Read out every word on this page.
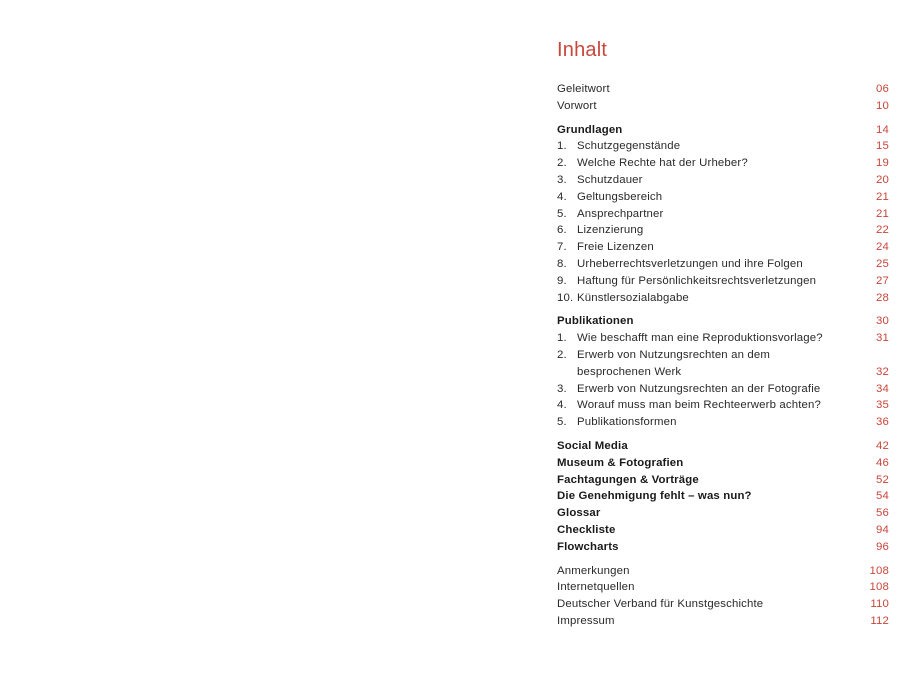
Inhalt
Geleitwort	06
Vorwort	10
Grundlagen	14
1. Schutzgegenstände	15
2. Welche Rechte hat der Urheber?	19
3. Schutzdauer	20
4. Geltungsbereich	21
5. Ansprechpartner	21
6. Lizenzierung	22
7. Freie Lizenzen	24
8. Urheberrechtsverletzungen und ihre Folgen	25
9. Haftung für Persönlichkeitsrechtsverletzungen	27
10. Künstlersozialabgabe	28
Publikationen	30
1. Wie beschafft man eine Reproduktionsvorlage?	31
2. Erwerb von Nutzungsrechten an dem
besprochenen Werk	32
3. Erwerb von Nutzungsrechten an der Fotografie	34
4. Worauf muss man beim Rechteerwerb achten?	35
5. Publikationsformen	36
Social Media	42
Museum & Fotografien	46
Fachtagungen & Vorträge	52
Die Genehmigung fehlt – was nun?	54
Glossar	56
Checkliste	94
Flowcharts	96
Anmerkungen	108
Internetquellen	108
Deutscher Verband für Kunstgeschichte	110
Impressum	112
